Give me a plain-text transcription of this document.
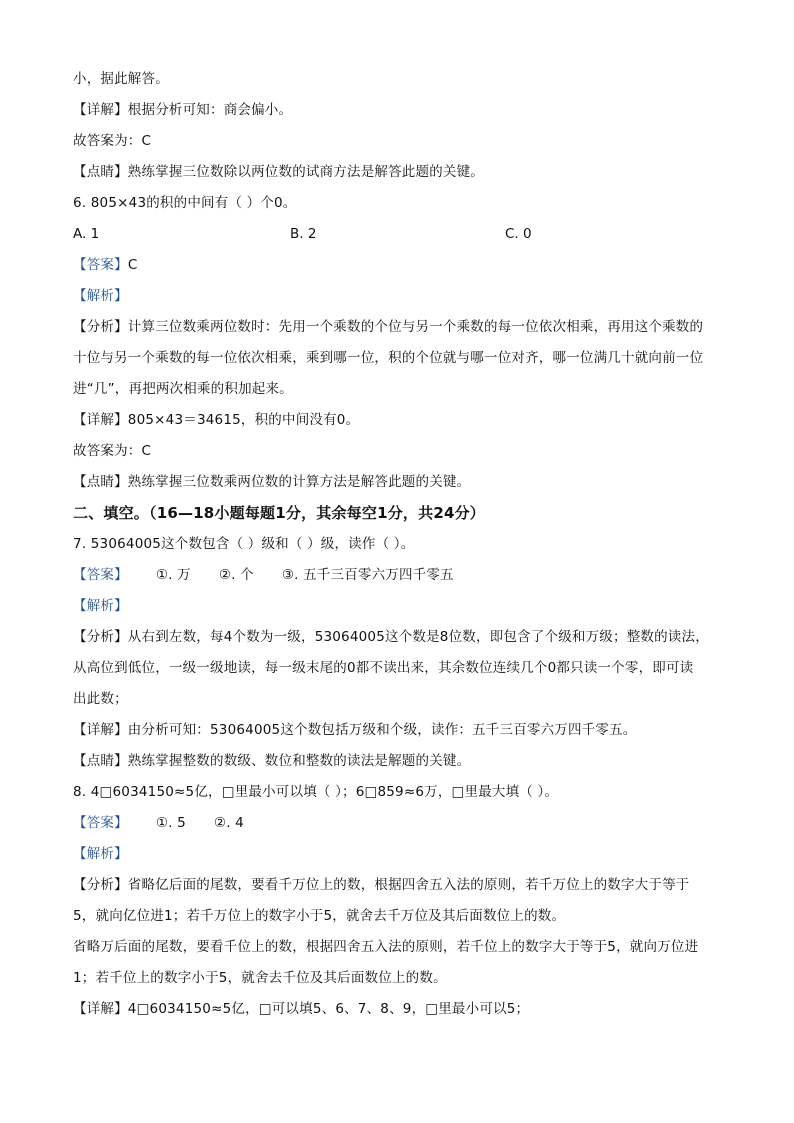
小，据此解答。
【详解】根据分析可知：商会偏小。
故答案为：C
【点睛】熟练掌握三位数除以两位数的试商方法是解答此题的关键。
6. 805×43的积的中间有（ ）个0。
A. 1	B. 2	C. 0
【答案】C
【解析】
【分析】计算三位数乘两位数时：先用一个乘数的个位与另一个乘数的每一位依次相乘，再用这个乘数的
十位与另一个乘数的每一位依次相乘，乘到哪一位，积的个位就与哪一位对齐，哪一位满几十就向前一位
进“几”，再把两次相乘的积加起来。
【详解】805×43＝34615，积的中间没有0。
故答案为：C
【点睛】熟练掌握三位数乘两位数的计算方法是解答此题的关键。
二、填空。（16—18小题每题1分，其余每空1分，共24分）
7. 53064005这个数包含（ ）级和（ ）级，读作（ ）。
【答案】 ①. 万 ②. 个 ③. 五千三百零六万四千零五
【解析】
【分析】从右到左数，每4个数为一级，53064005这个数是8位数，即包含了个级和万级；整数的读法，
从高位到低位，一级一级地读，每一级末尾的0都不读出来，其余数位连续几个0都只读一个零，即可读
出此数；
【详解】由分析可知：53064005这个数包括万级和个级，读作：五千三百零六万四千零五。
【点睛】熟练掌握整数的数级、数位和整数的读法是解题的关键。
8. 4□6034150≈5亿，□里最小可以填（ ）；6□859≈6万，□里最大填（ ）。
【答案】 ①. 5 ②. 4
【解析】
【分析】省略亿后面的尾数，要看千万位上的数，根据四舍五入法的原则，若千万位上的数字大于等于
5，就向亿位进1；若千万位上的数字小于5，就舍去千万位及其后面数位上的数。
省略万后面的尾数，要看千位上的数，根据四舍五入法的原则，若千位上的数字大于等于5，就向万位进
1；若千位上的数字小于5，就舍去千位及其后面数位上的数。
【详解】4□6034150≈5亿，□可以填5、6、7、8、9，□里最小可以5；
